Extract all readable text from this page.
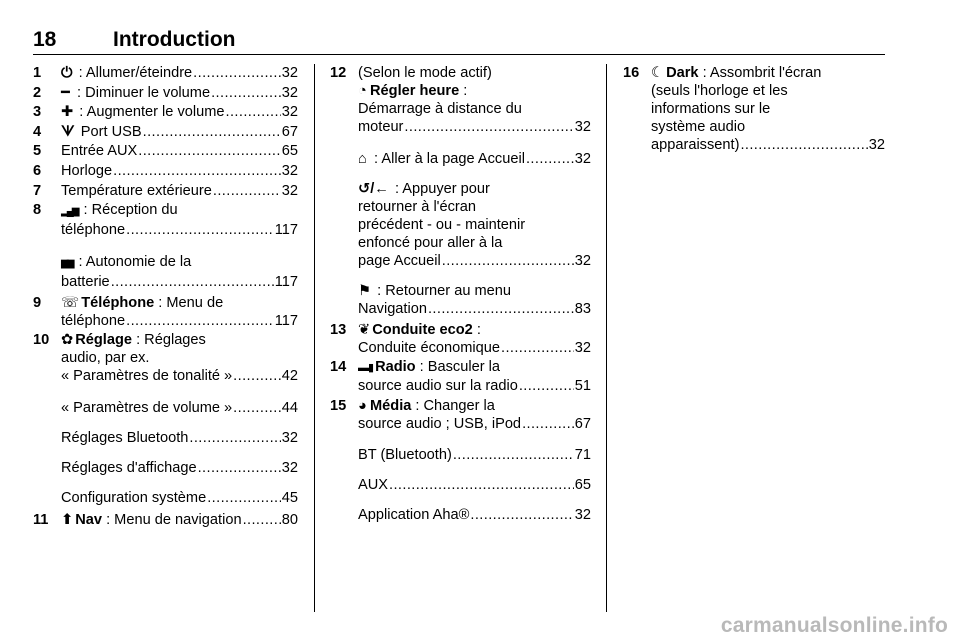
18	Introduction
1 ⏻ : Allumer/éteindre .....	32
2 ━ : Diminuer le volume .....	32
3 ✚ : Augmenter le volume .....	32
4 ᗐ Port USB .....	67
5 Entrée AUX .....	65
6 Horloge .....	32
7 Température extérieure .....	32
8 ▂▄▆ : Réception du
téléphone .....	117
▆▆ : Autonomie de la
batterie .....	117
9 ☏ Téléphone : Menu de
téléphone .....	117
10 ✿ Réglage : Réglages
audio, par ex.
« Paramètres de tonalité » .....	42
« Paramètres de volume » .....	44
Réglages Bluetooth .....	32
Réglages d'affichage .....	32
Configuration système .....	45
11 ⬆ Nav : Menu de navigation .....	80
12 (Selon le mode actif)
◔ Régler heure :
Démarrage à distance du
moteur .....	32
⌂ : Aller à la page Accueil .....	32
↺/← : Appuyer pour
retourner à l'écran
précédent - ou - maintenir
enfoncé pour aller à la
page Accueil .....	32
⚑ : Retourner au menu
Navigation .....	83
13 ❦ Conduite eco2 :
Conduite économique .....	32
14 ▬▮ Radio : Basculer la
source audio sur la radio .....	51
15 ◕ Média : Changer la
source audio ; USB, iPod .....	67
BT (Bluetooth) .....	71
AUX .....	65
Application Aha® .....	32
16 ☾ Dark : Assombrit l'écran
(seuls l'horloge et les
informations sur le
système audio
apparaissent) .....	32
carmanualsonline.info
